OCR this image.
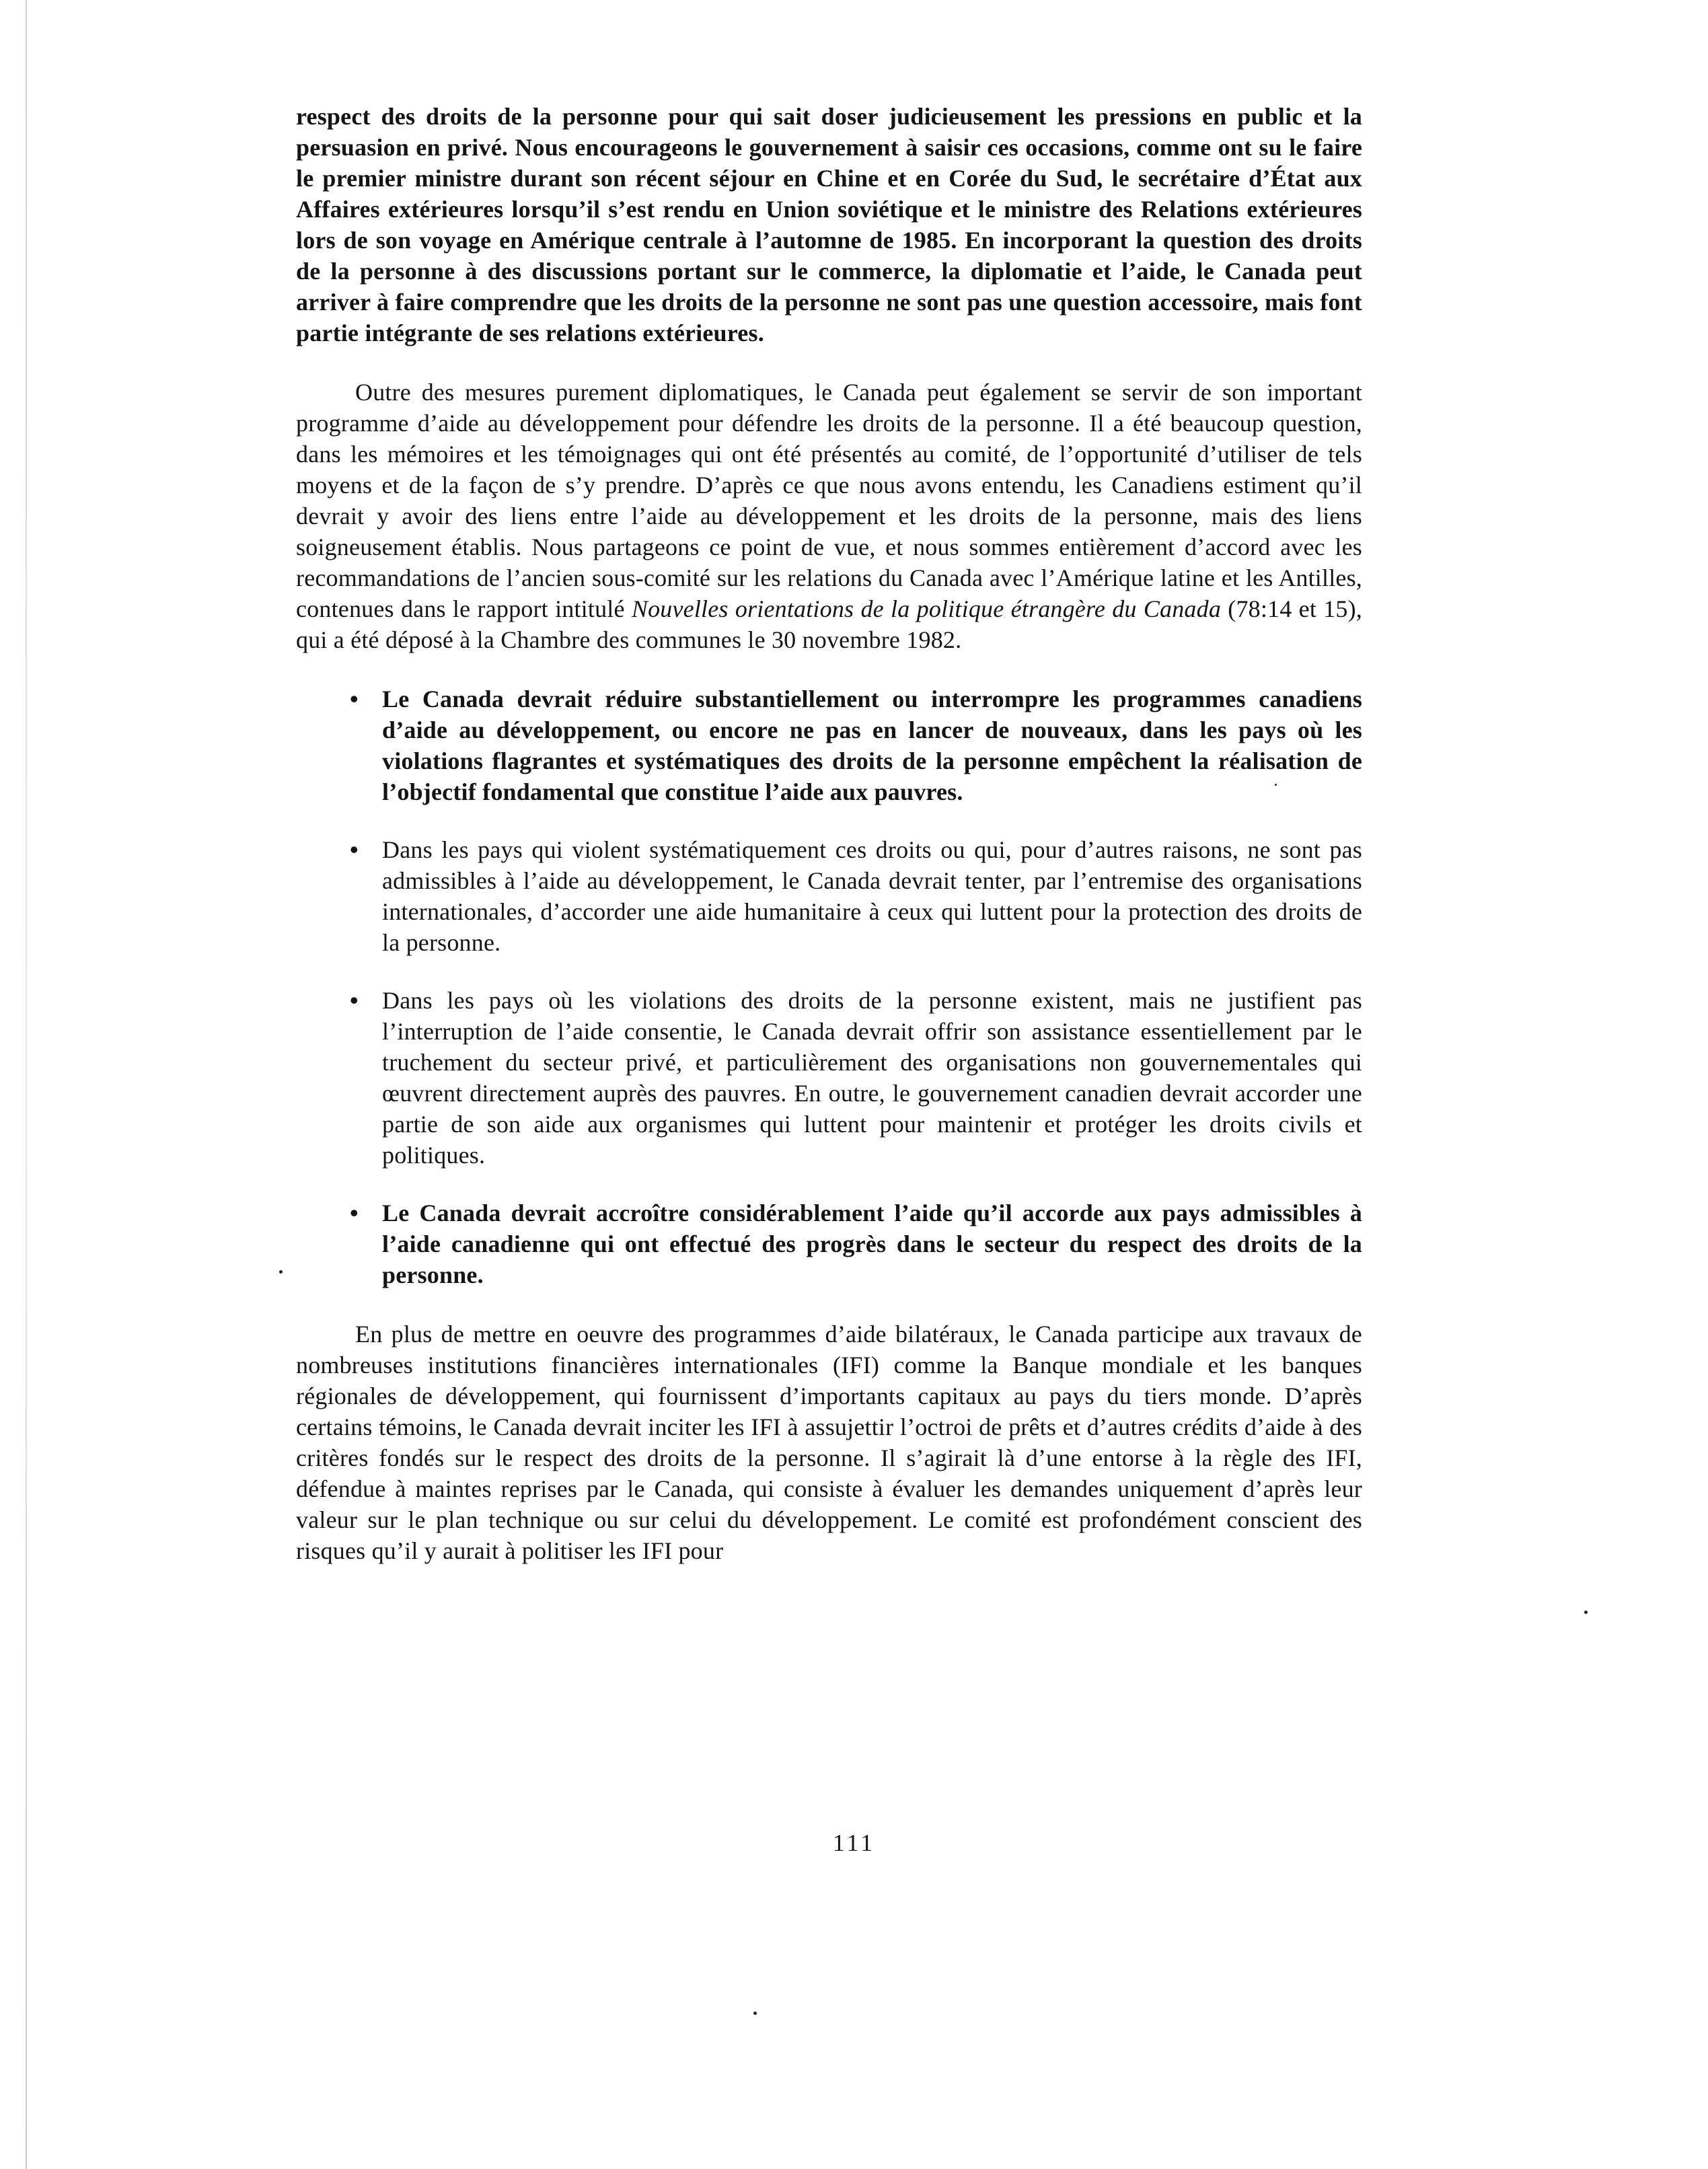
respect des droits de la personne pour qui sait doser judicieusement les pressions en public et la persuasion en privé. Nous encourageons le gouvernement à saisir ces occasions, comme ont su le faire le premier ministre durant son récent séjour en Chine et en Corée du Sud, le secrétaire d’État aux Affaires extérieures lorsqu’il s’est rendu en Union soviétique et le ministre des Relations extérieures lors de son voyage en Amérique centrale à l’automne de 1985. En incorporant la question des droits de la personne à des discussions portant sur le commerce, la diplomatie et l’aide, le Canada peut arriver à faire comprendre que les droits de la personne ne sont pas une question accessoire, mais font partie intégrante de ses relations extérieures.

Outre des mesures purement diplomatiques, le Canada peut également se servir de son important programme d’aide au développement pour défendre les droits de la personne. Il a été beaucoup question, dans les mémoires et les témoignages qui ont été présentés au comité, de l’opportunité d’utiliser de tels moyens et de la façon de s’y prendre. D’après ce que nous avons entendu, les Canadiens estiment qu’il devrait y avoir des liens entre l’aide au développement et les droits de la personne, mais des liens soigneusement établis. Nous partageons ce point de vue, et nous sommes entièrement d’accord avec les recommandations de l’ancien sous-comité sur les relations du Canada avec l’Amérique latine et les Antilles, contenues dans le rapport intitulé Nouvelles orientations de la politique étrangère du Canada (78:14 et 15), qui a été déposé à la Chambre des communes le 30 novembre 1982.

• Le Canada devrait réduire substantiellement ou interrompre les programmes canadiens d’aide au développement, ou encore ne pas en lancer de nouveaux, dans les pays où les violations flagrantes et systématiques des droits de la personne empêchent la réalisation de l’objectif fondamental que constitue l’aide aux pauvres.
• Dans les pays qui violent systématiquement ces droits ou qui, pour d’autres raisons, ne sont pas admissibles à l’aide au développement, le Canada devrait tenter, par l’entremise des organisations internationales, d’accorder une aide humanitaire à ceux qui luttent pour la protection des droits de la personne.
• Dans les pays où les violations des droits de la personne existent, mais ne justifient pas l’interruption de l’aide consentie, le Canada devrait offrir son assistance essentiellement par le truchement du secteur privé, et particulièrement des organisations non gouvernementales qui œuvrent directement auprès des pauvres. En outre, le gouvernement canadien devrait accorder une partie de son aide aux organismes qui luttent pour maintenir et protéger les droits civils et politiques.
• Le Canada devrait accroître considérablement l’aide qu’il accorde aux pays admissibles à l’aide canadienne qui ont effectué des progrès dans le secteur du respect des droits de la personne.

En plus de mettre en oeuvre des programmes d’aide bilatéraux, le Canada participe aux travaux de nombreuses institutions financières internationales (IFI) comme la Banque mondiale et les banques régionales de développement, qui fournissent d’importants capitaux au pays du tiers monde. D’après certains témoins, le Canada devrait inciter les IFI à assujettir l’octroi de prêts et d’autres crédits d’aide à des critères fondés sur le respect des droits de la personne. Il s’agirait là d’une entorse à la règle des IFI, défendue à maintes reprises par le Canada, qui consiste à évaluer les demandes uniquement d’après leur valeur sur le plan technique ou sur celui du développement. Le comité est profondément conscient des risques qu’il y aurait à politiser les IFI pour

111
